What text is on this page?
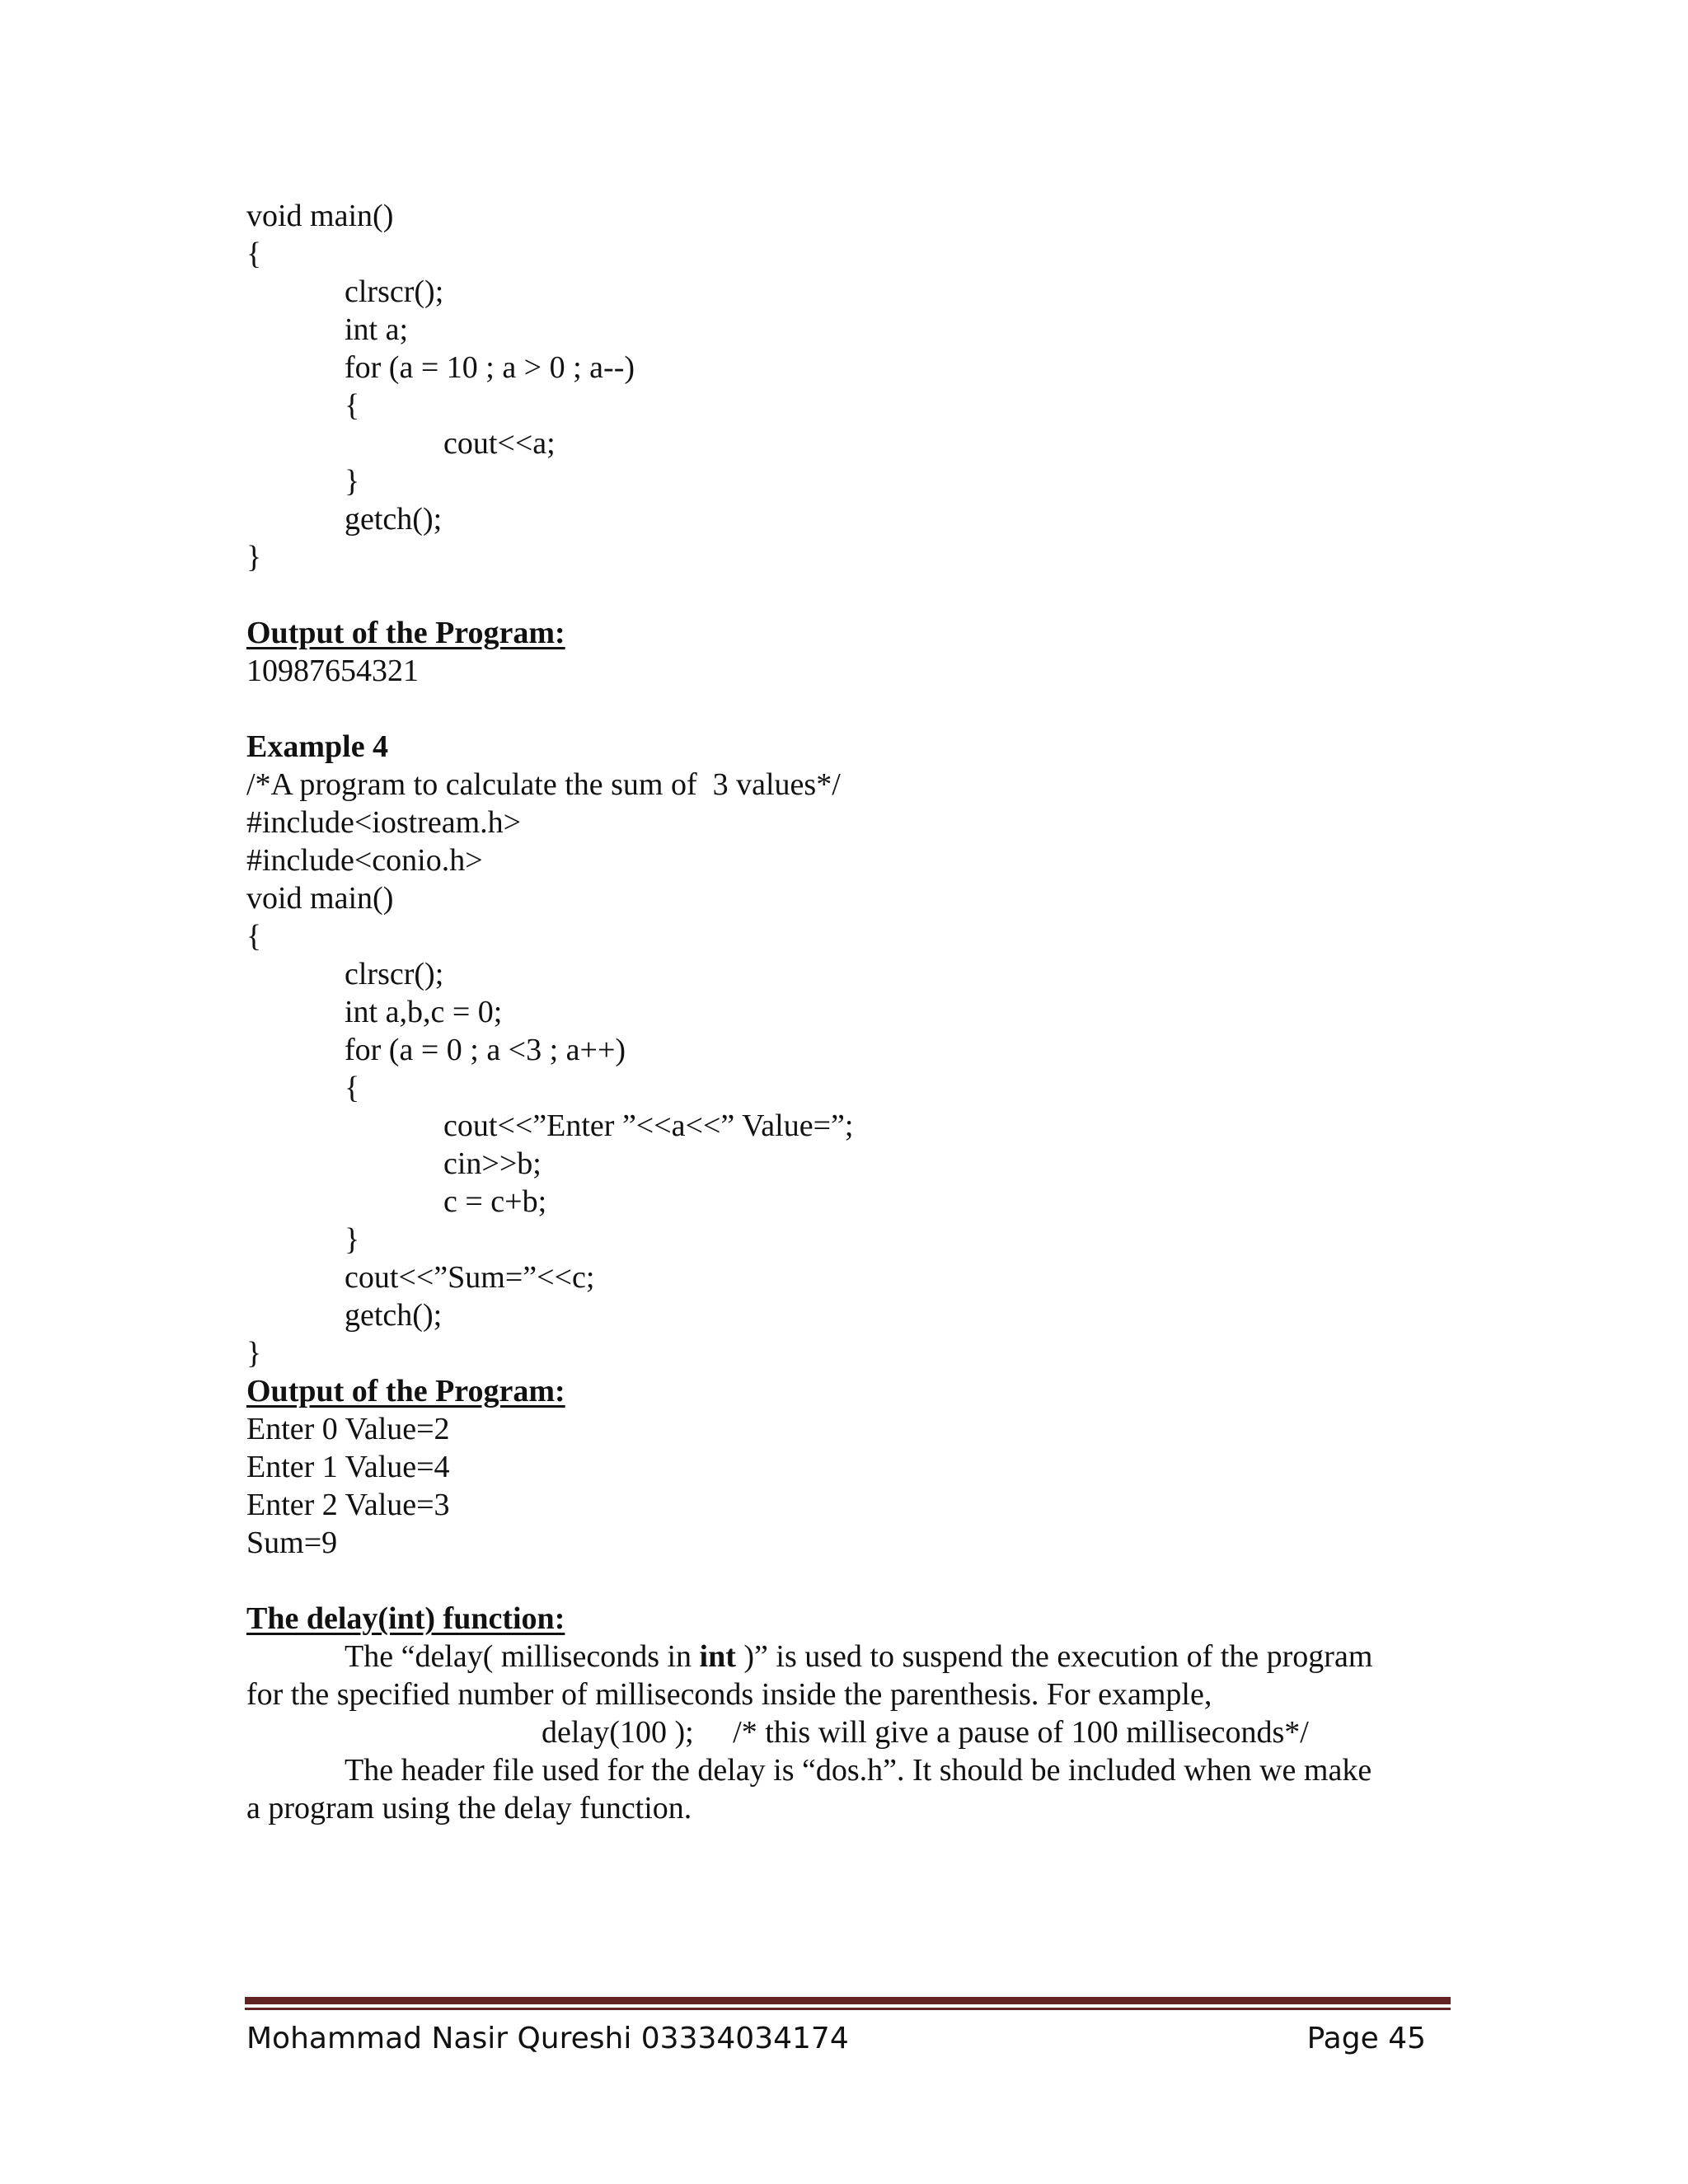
void main()
{
clrscr();
int a;
for (a = 10 ; a > 0 ; a--)
{
cout<<a;
}
getch();
}
Output of the Program:
10987654321
Example 4
/*A program to calculate the sum of  3 values*/
#include<iostream.h>
#include<conio.h>
void main()
{
clrscr();
int a,b,c = 0;
for (a = 0 ; a <3 ; a++)
{
cout<<”Enter ”<<a<<” Value=”;
cin>>b;
c = c+b;
}
cout<<”Sum=”<<c;
getch();
}
Output of the Program:
Enter 0 Value=2
Enter 1 Value=4
Enter 2 Value=3
Sum=9
The delay(int) function:
The “delay( milliseconds in int )” is used to suspend the execution of the program
for the specified number of milliseconds inside the parenthesis. For example,
delay(100 );     /* this will give a pause of 100 milliseconds*/
The header file used for the delay is “dos.h”. It should be included when we make
a program using the delay function.
Mohammad Nasir Qureshi 03334034174	Page 45
